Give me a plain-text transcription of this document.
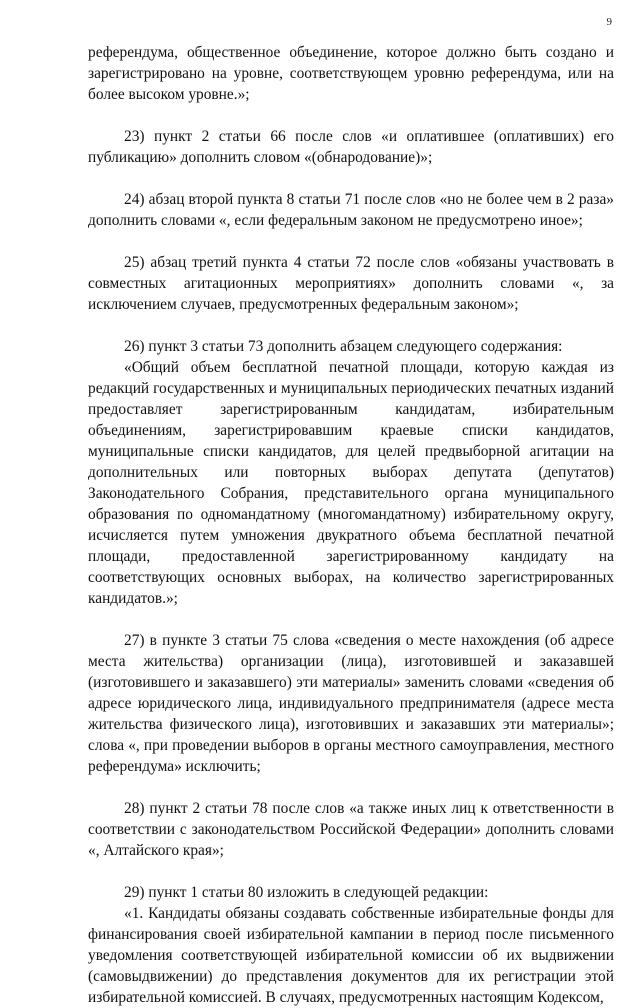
9

референдума, общественное объединение, которое должно быть создано и зарегистрировано на уровне, соответствующем уровню референдума, или на более высоком уровне.»;

23) пункт 2 статьи 66 после слов «и оплатившее (оплативших) его публикацию» дополнить словом «(обнародование)»;

24) абзац второй пункта 8 статьи 71 после слов «но не более чем в 2 раза» дополнить словами «, если федеральным законом не предусмотрено иное»;

25) абзац третий пункта 4 статьи 72 после слов «обязаны участвовать в совместных агитационных мероприятиях» дополнить словами «, за исключением случаев, предусмотренных федеральным законом»;

26) пункт 3 статьи 73 дополнить абзацем следующего содержания:

«Общий объем бесплатной печатной площади, которую каждая из редакций государственных и муниципальных периодических печатных изданий предоставляет зарегистрированным кандидатам, избирательным объединениям, зарегистрировавшим краевые списки кандидатов, муниципальные списки кандидатов, для целей предвыборной агитации на дополнительных или повторных выборах депутата (депутатов) Законодательного Собрания, представительного органа муниципального образования по одномандатному (многомандатному) избирательному округу, исчисляется путем умножения двукратного объема бесплатной печатной площади, предоставленной зарегистрированному кандидату на соответствующих основных выборах, на количество зарегистрированных кандидатов.»;

27) в пункте 3 статьи 75 слова «сведения о месте нахождения (об адресе места жительства) организации (лица), изготовившей и заказавшей (изготовившего и заказавшего) эти материалы» заменить словами «сведения об адресе юридического лица, индивидуального предпринимателя (адресе места жительства физического лица), изготовивших и заказавших эти материалы»; слова «, при проведении выборов в органы местного самоуправления, местного референдума» исключить;

28) пункт 2 статьи 78 после слов «а также иных лиц к ответственности в соответствии с законодательством Российской Федерации» дополнить словами «, Алтайского края»;

29) пункт 1 статьи 80 изложить в следующей редакции:

«1. Кандидаты обязаны создавать собственные избирательные фонды для финансирования своей избирательной кампании в период после письменного уведомления соответствующей избирательной комиссии об их выдвижении (самовыдвижении) до представления документов для их регистрации этой избирательной комиссией. В случаях, предусмотренных настоящим Кодексом,
